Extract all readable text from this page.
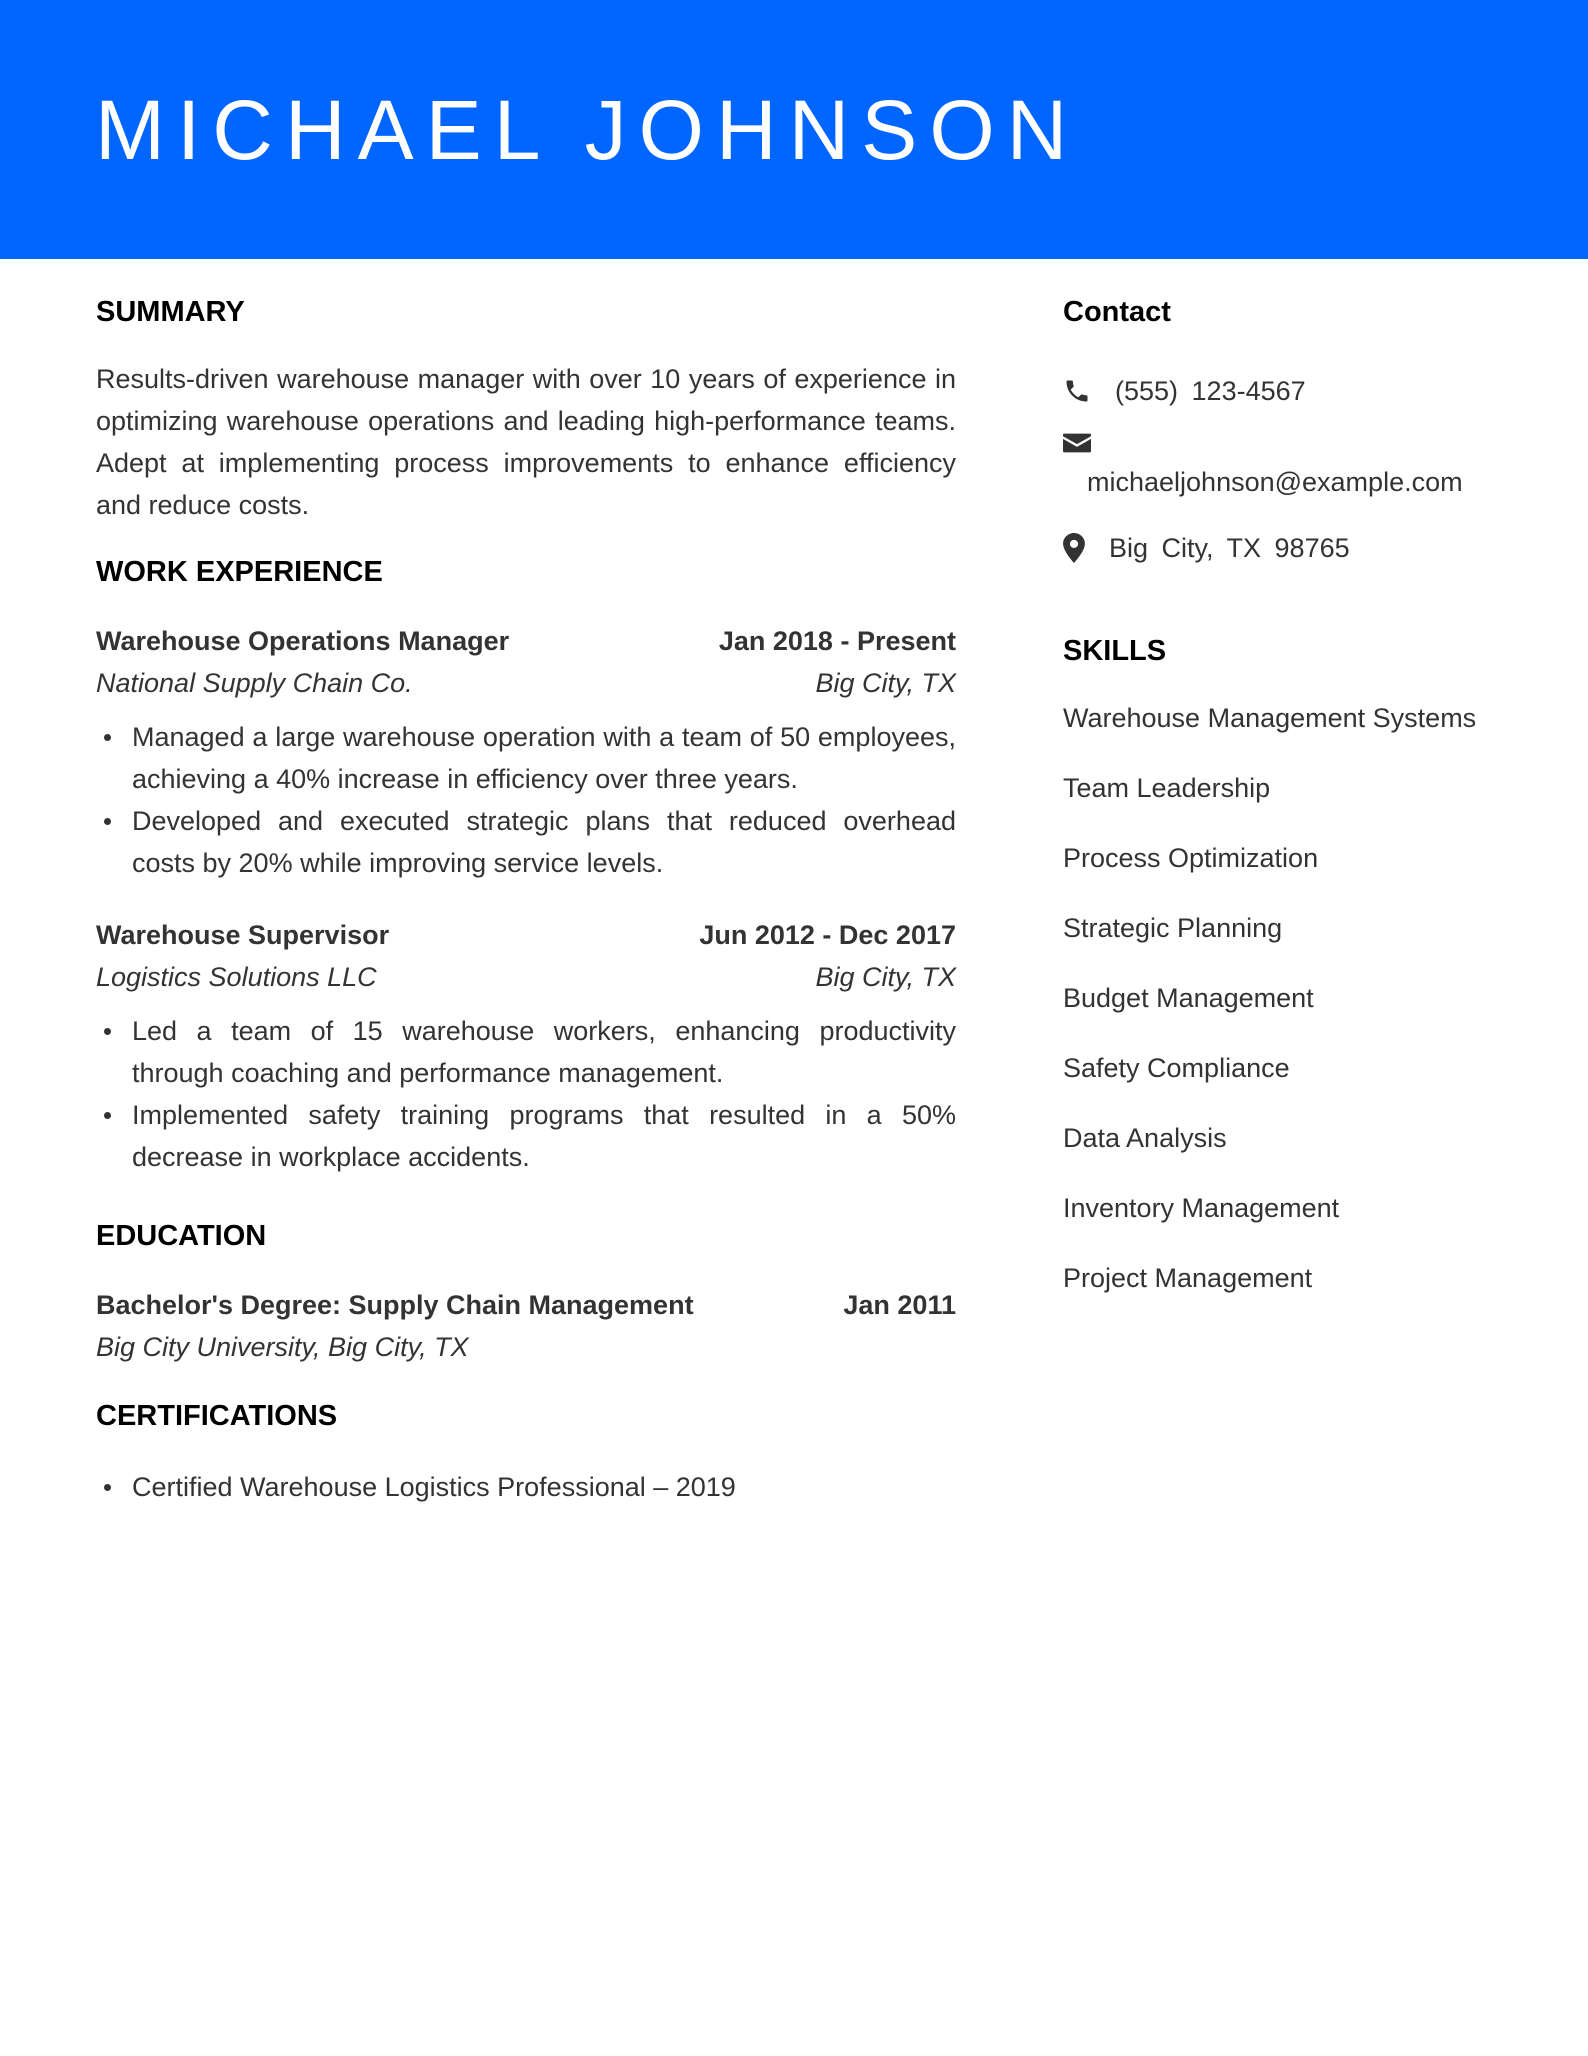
MICHAEL JOHNSON
SUMMARY

Results-driven warehouse manager with over 10 years of experience in optimizing warehouse operations and leading high-performance teams. Adept at implementing process improvements to enhance efficiency and reduce costs.

WORK EXPERIENCE
Warehouse Operations Manager	Jan 2018 - Present
National Supply Chain Co.	Big City, TX
Managed a large warehouse operation with a team of 50 employees, achieving a 40% increase in efficiency over three years.
Developed and executed strategic plans that reduced overhead costs by 20% while improving service levels.
Warehouse Supervisor	Jun 2012 - Dec 2017
Logistics Solutions LLC	Big City, TX
Led a team of 15 warehouse workers, enhancing productivity through coaching and performance management.
Implemented safety training programs that resulted in a 50% decrease in workplace accidents.
EDUCATION
Bachelor's Degree: Supply Chain Management	Jan 2011
Big City University, Big City, TX
CERTIFICATIONS
Certified Warehouse Logistics Professional – 2019
Contact
(555) 123-4567
michaeljohnson@example.com
Big City, TX 98765
SKILLS
Warehouse Management Systems
Team Leadership
Process Optimization
Strategic Planning
Budget Management
Safety Compliance
Data Analysis
Inventory Management
Project Management
